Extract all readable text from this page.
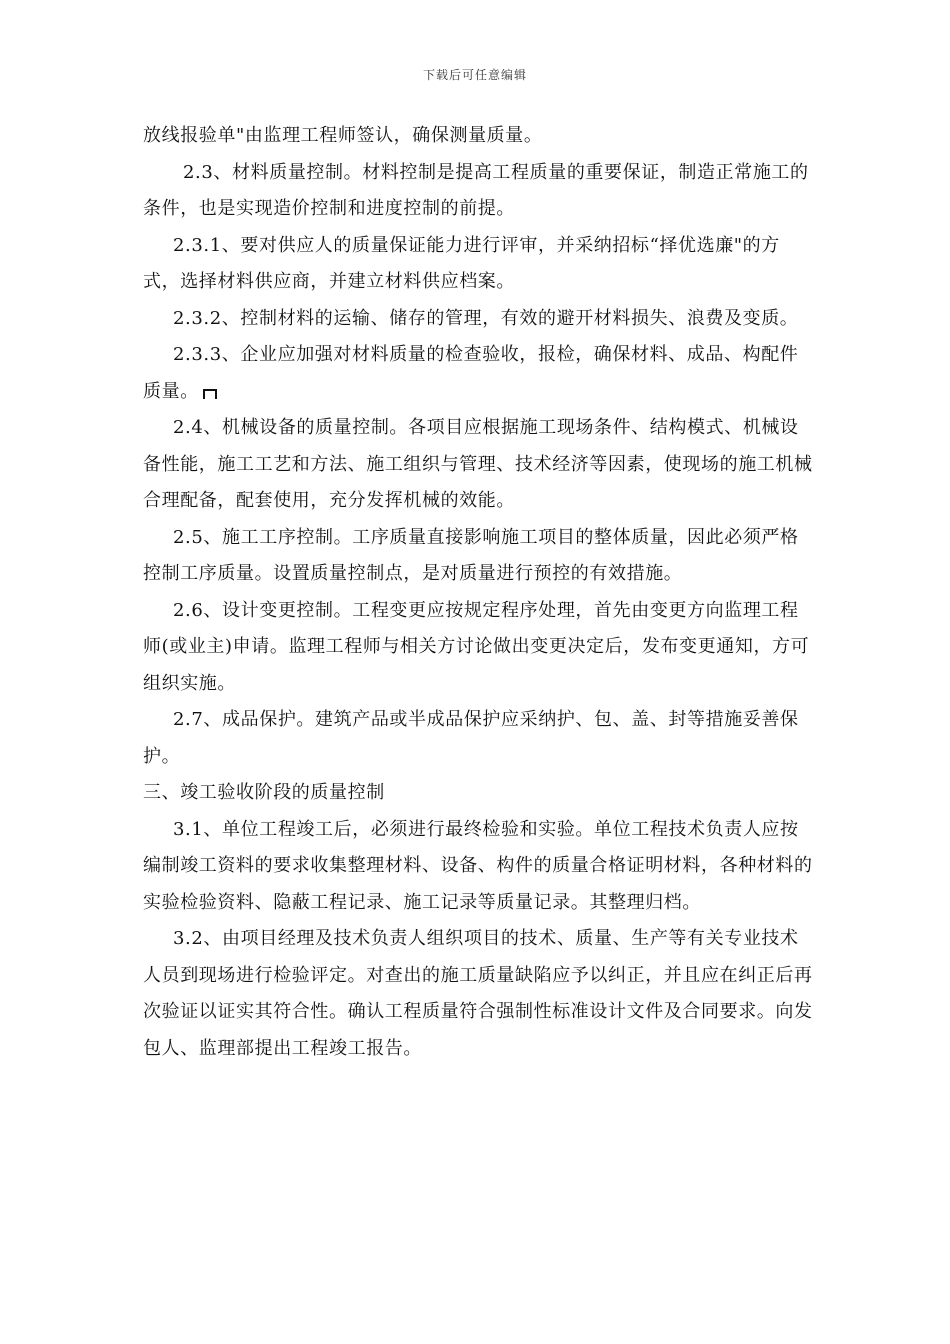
下载后可任意编辑

放线报验单"由监理工程师签认，确保测量质量。

2.3、材料质量控制。材料控制是提高工程质量的重要保证，制造正常施工的条件，也是实现造价控制和进度控制的前提。

2.3.1、要对供应人的质量保证能力进行评审，并采纳招标“择优选廉"的方式，选择材料供应商，并建立材料供应档案。

2.3.2、控制材料的运输、储存的管理，有效的避开材料损失、浪费及变质。

2.3.3、企业应加强对材料质量的检查验收，报检，确保材料、成品、构配件质量。

2.4、机械设备的质量控制。各项目应根据施工现场条件、结构模式、机械设备性能，施工工艺和方法、施工组织与管理、技术经济等因素，使现场的施工机械合理配备，配套使用，充分发挥机械的效能。

2.5、施工工序控制。工序质量直接影响施工项目的整体质量，因此必须严格控制工序质量。设置质量控制点，是对质量进行预控的有效措施。

2.6、设计变更控制。工程变更应按规定程序处理，首先由变更方向监理工程师(或业主)申请。监理工程师与相关方讨论做出变更决定后，发布变更通知，方可组织实施。

2.7、成品保护。建筑产品或半成品保护应采纳护、包、盖、封等措施妥善保护。

三、竣工验收阶段的质量控制

3.1、单位工程竣工后，必须进行最终检验和实验。单位工程技术负责人应按编制竣工资料的要求收集整理材料、设备、构件的质量合格证明材料，各种材料的实验检验资料、隐蔽工程记录、施工记录等质量记录。其整理归档。

3.2、由项目经理及技术负责人组织项目的技术、质量、生产等有关专业技术人员到现场进行检验评定。对查出的施工质量缺陷应予以纠正，并且应在纠正后再次验证以证实其符合性。确认工程质量符合强制性标准设计文件及合同要求。向发包人、监理部提出工程竣工报告。
